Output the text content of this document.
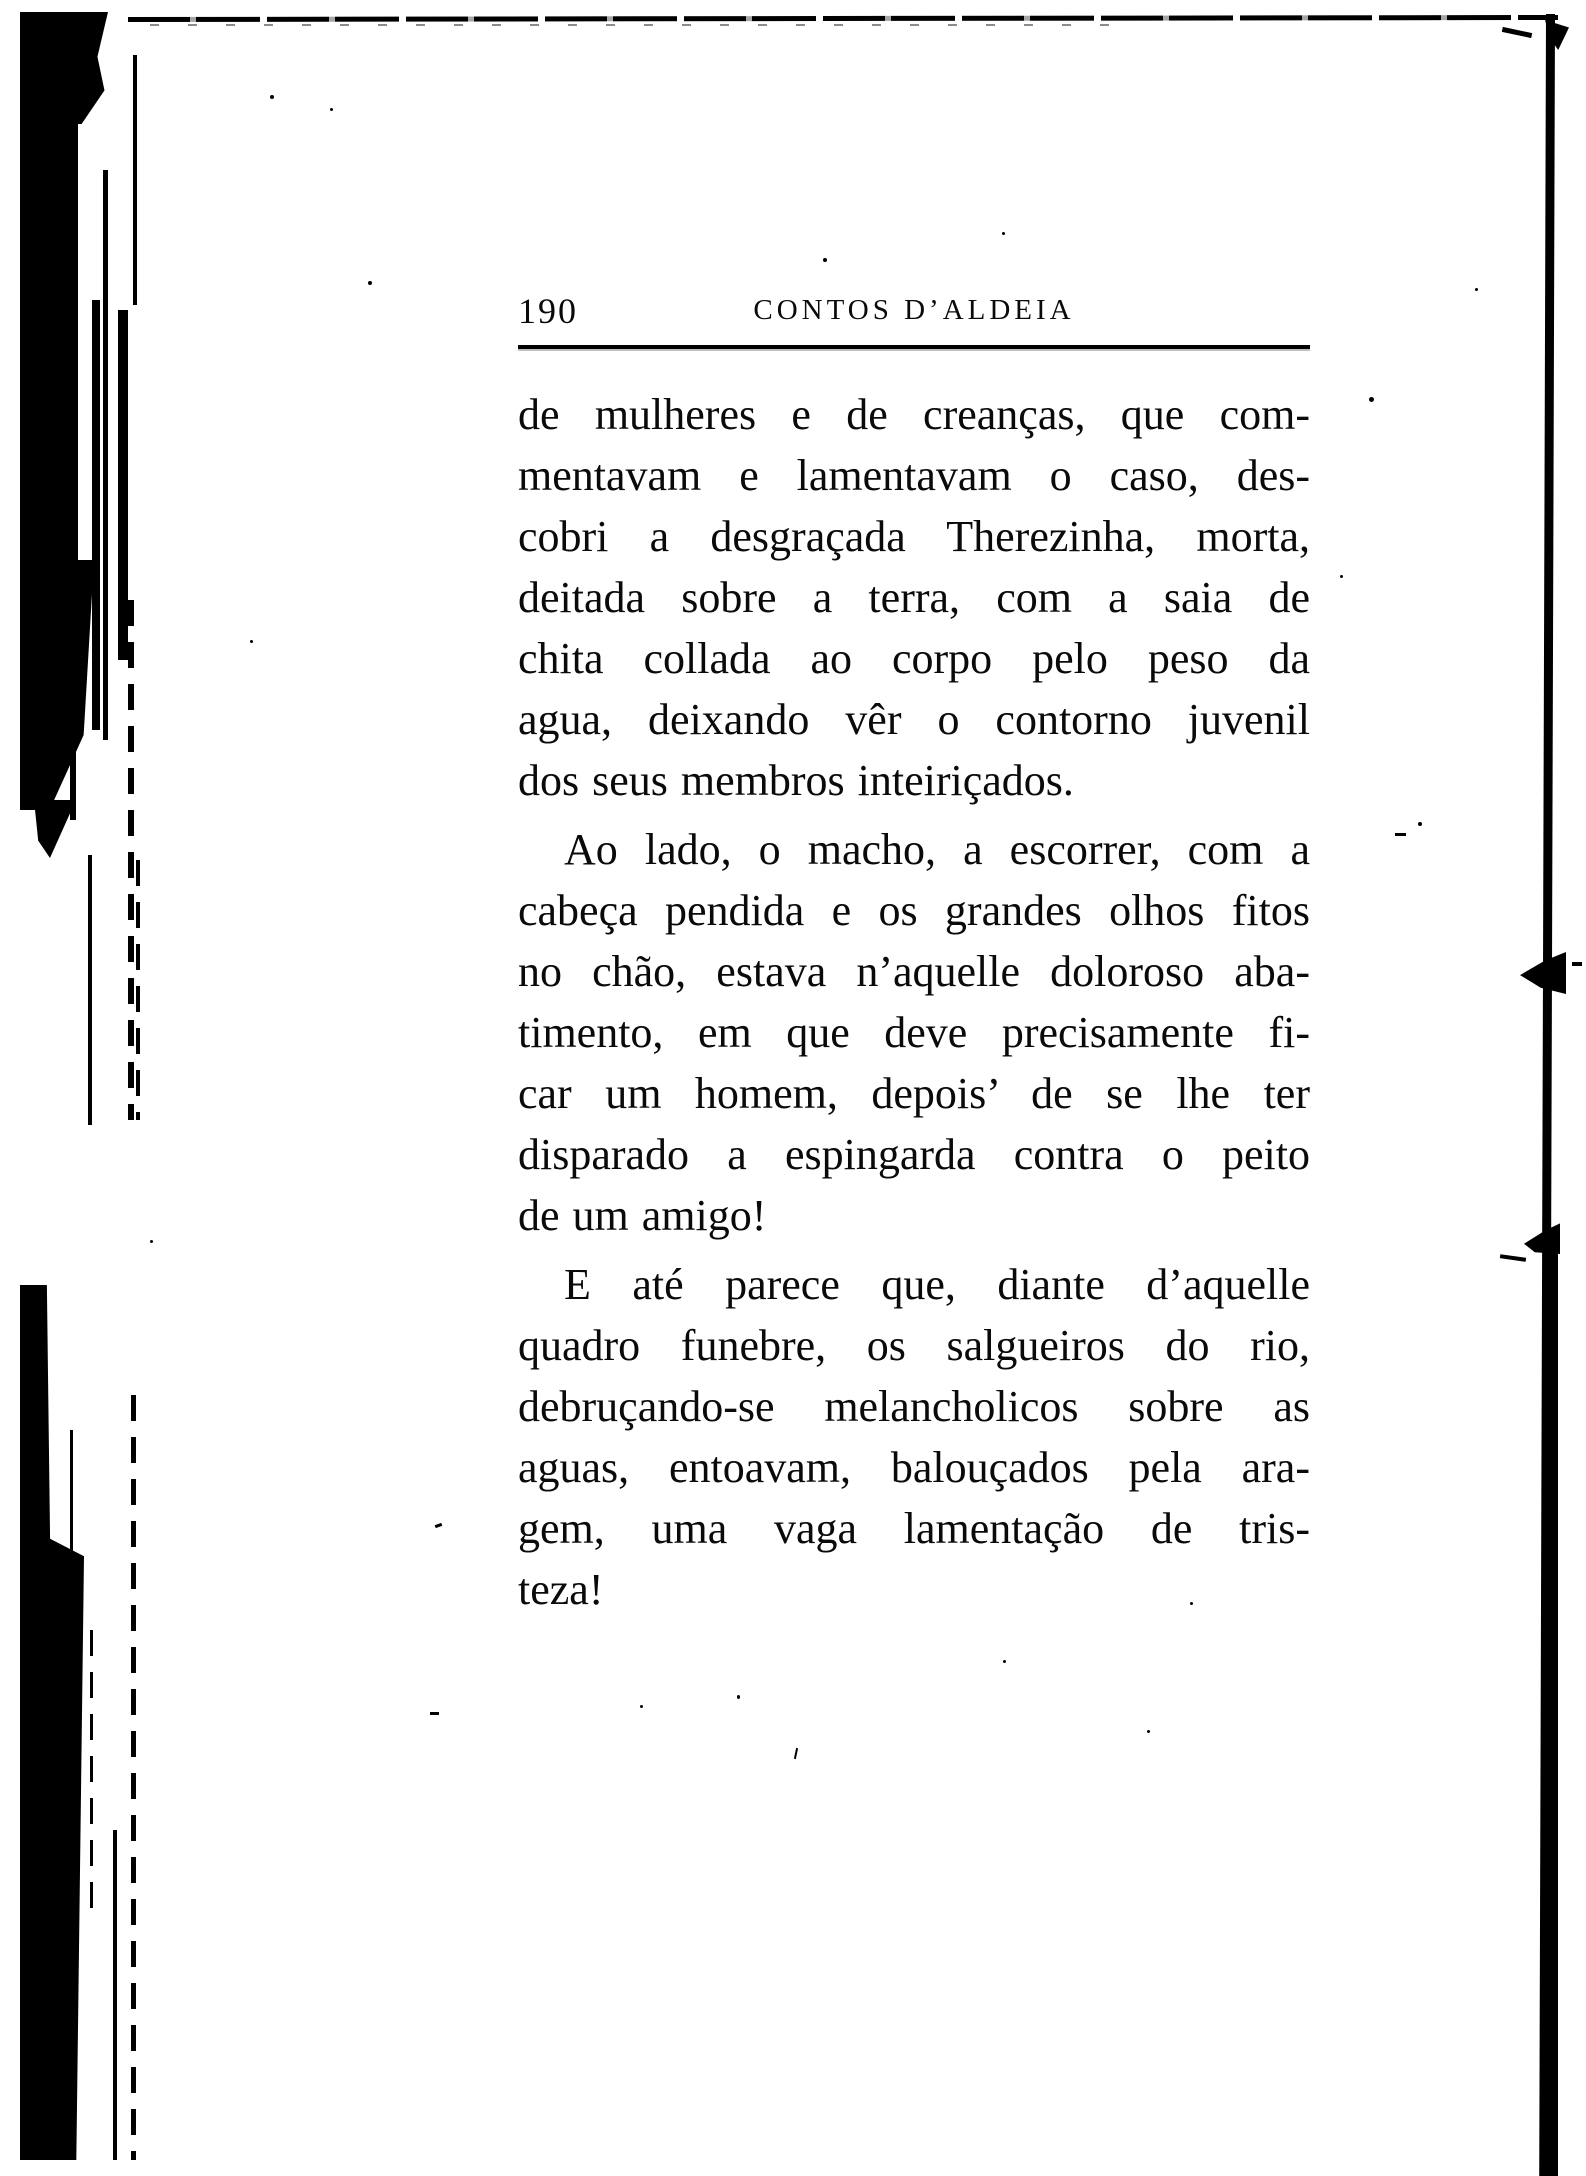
190	CONTOS D’ALDEIA
de mulheres e de creanças, que com-
mentavam e lamentavam o caso, des-
cobri a desgraçada Therezinha, morta,
deitada sobre a terra, com a saia de
chita collada ao corpo pelo peso da
agua, deixando vêr o contorno juvenil
dos seus membros inteiriçados.
Ao lado, o macho, a escorrer, com a
cabeça pendida e os grandes olhos fitos
no chão, estava n’aquelle doloroso aba-
timento, em que deve precisamente fi-
car um homem, depois’ de se lhe ter
disparado a espingarda contra o peito
de um amigo!
E até parece que, diante d’aquelle
quadro funebre, os salgueiros do rio,
debruçando-se melancholicos sobre as
aguas, entoavam, balouçados pela ara-
gem, uma vaga lamentação de tris-
teza!
